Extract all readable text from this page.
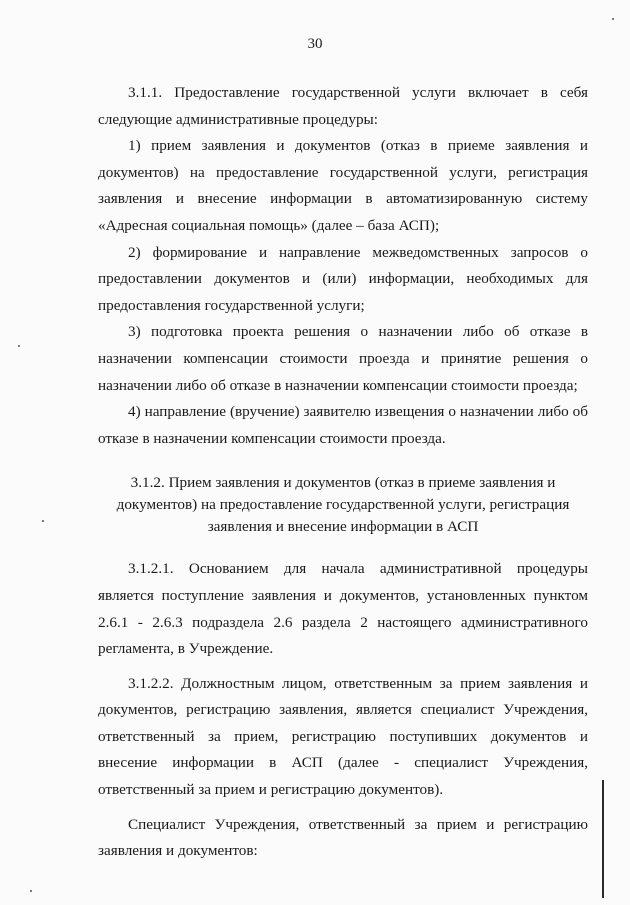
30

3.1.1. Предоставление государственной услуги включает в себя следующие административные процедуры:

1) прием заявления и документов (отказ в приеме заявления и документов) на предоставление государственной услуги, регистрация заявления и внесение информации в автоматизированную систему «Адресная социальная помощь» (далее – база АСП);

2) формирование и направление межведомственных запросов о предоставлении документов и (или) информации, необходимых для предоставления государственной услуги;

3) подготовка проекта решения о назначении либо об отказе в назначении компенсации стоимости проезда и принятие решения о назначении либо об отказе в назначении компенсации стоимости проезда;

4) направление (вручение) заявителю извещения о назначении либо об отказе в назначении компенсации стоимости проезда.

3.1.2. Прием заявления и документов (отказ в приеме заявления и документов) на предоставление государственной услуги, регистрация заявления и внесение информации в АСП

3.1.2.1. Основанием для начала административной процедуры является поступление заявления и документов, установленных пунктом 2.6.1 - 2.6.3 подраздела 2.6 раздела 2 настоящего административного регламента, в Учреждение.

3.1.2.2. Должностным лицом, ответственным за прием заявления и документов, регистрацию заявления, является специалист Учреждения, ответственный за прием, регистрацию поступивших документов и внесение информации в АСП (далее - специалист Учреждения, ответственный за прием и регистрацию документов).

Специалист Учреждения, ответственный за прием и регистрацию заявления и документов:
